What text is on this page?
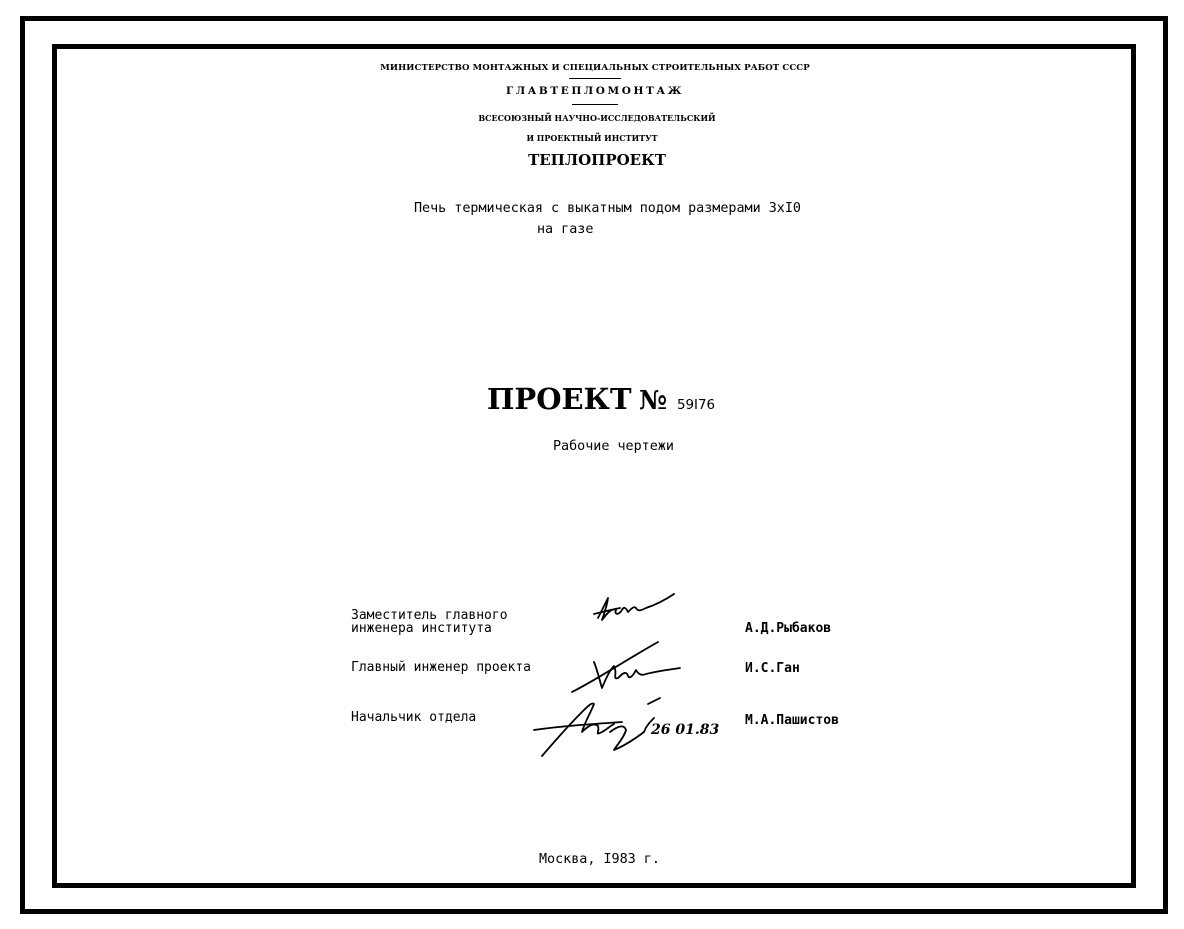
МИНИСТЕРСТВО МОНТАЖНЫХ И СПЕЦИАЛЬНЫХ СТРОИТЕЛЬНЫХ РАБОТ СССР
ГЛАВТЕПЛОМОНТАЖ
ВСЕСОЮЗНЫЙ НАУЧНО-ИССЛЕДОВАТЕЛЬСКИЙ
И ПРОЕКТНЫЙ ИНСТИТУТ
ТЕПЛОПРОЕКТ
Печь термическая с выкатным подом размерами 3хI0
на газе
ПРОЕКТ № 59I76
Рабочие чертежи
Заместитель главного
инженера института	А.Д.Рыбаков
Главный инженер проекта	И.С.Ган
Начальчик отдела	М.А.Пашистов
26 01.83
Москва, I983 г.
